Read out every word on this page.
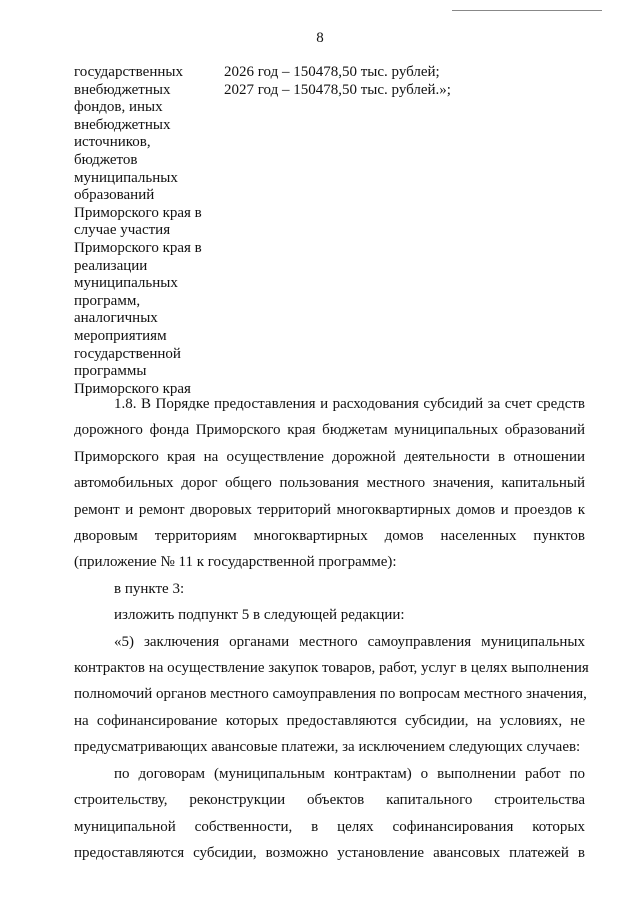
8
государственных
внебюджетных
фондов, иных
внебюджетных
источников,
бюджетов
муниципальных
образований
Приморского края в
случае участия
Приморского края в
реализации
муниципальных
программ,
аналогичных
мероприятиям
государственной
программы
Приморского края
2026 год – 150478,50 тыс. рублей;
2027 год – 150478,50 тыс. рублей.»;
1.8. В Порядке предоставления и расходования субсидий за счет средств
дорожного фонда Приморского края бюджетам муниципальных образований
Приморского края на осуществление дорожной деятельности в отношении
автомобильных дорог общего пользования местного значения, капитальный
ремонт и ремонт дворовых территорий многоквартирных домов и проездов к
дворовым территориям многоквартирных домов населенных пунктов
(приложение № 11 к государственной программе):
в пункте 3:
изложить подпункт 5 в следующей редакции:
«5) заключения органами местного самоуправления муниципальных
контрактов на осуществление закупок товаров, работ, услуг в целях выполнения
полномочий органов местного самоуправления по вопросам местного значения,
на софинансирование которых предоставляются субсидии, на условиях, не
предусматривающих авансовые платежи, за исключением следующих случаев:
по договорам (муниципальным контрактам) о выполнении работ по
строительству, реконструкции объектов капитального строительства
муниципальной собственности, в целях софинансирования которых
предоставляются субсидии, возможно установление авансовых платежей в
